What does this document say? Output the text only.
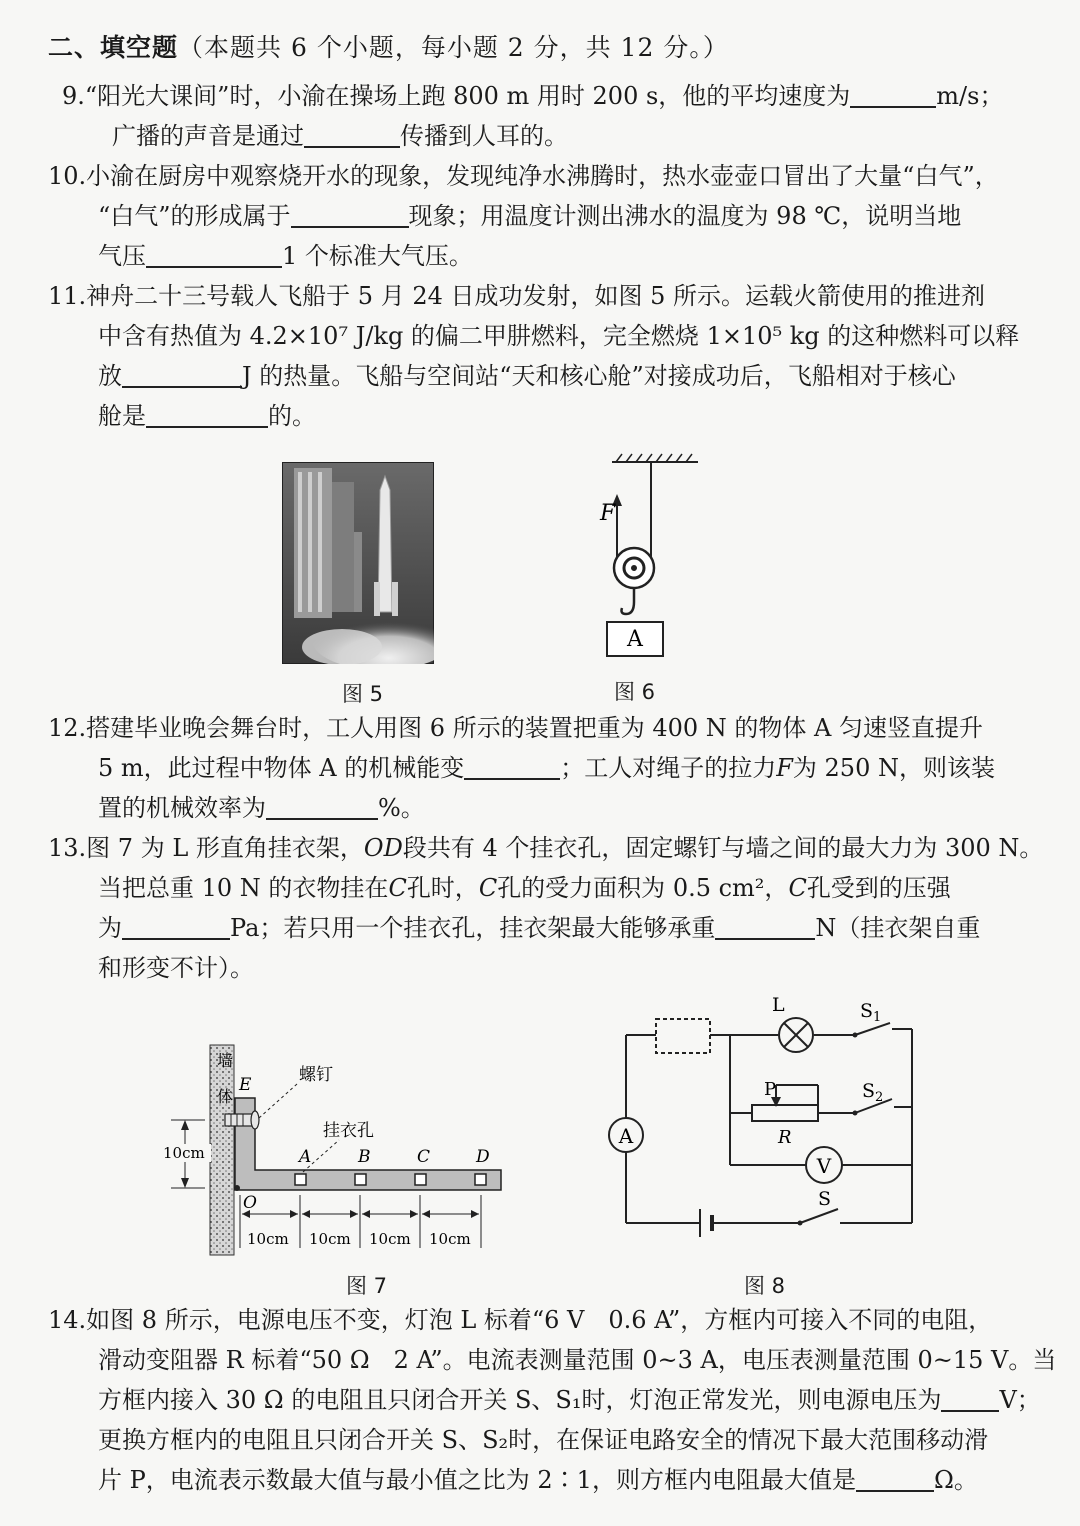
二、填空题（本题共 6 个小题，每小题 2 分，共 12 分。）
9.“阳光大课间”时，小渝在操场上跑 800 m 用时 200 s，他的平均速度为	m/s；
广播的声音是通过	传播到人耳的。
10.小渝在厨房中观察烧开水的现象，发现纯净水沸腾时，热水壶壶口冒出了大量“白气”，
“白气”的形成属于	现象；用温度计测出沸水的温度为 98 ℃，说明当地
气压	1 个标准大气压。
11.神舟二十三号载人飞船于 5 月 24 日成功发射，如图 5 所示。运载火箭使用的推进剂
中含有热值为 4.2×10⁷ J/kg 的偏二甲肼燃料，完全燃烧 1×10⁵ kg 的这种燃料可以释
放	J 的热量。飞船与空间站“天和核心舱”对接成功后，飞船相对于核心
舱是	的。
图 5
F
A
图 6
12.搭建毕业晚会舞台时，工人用图 6 所示的装置把重为 400 N 的物体 A 匀速竖直提升
5 m，此过程中物体 A 的机械能变	；工人对绳子的拉力F为 250 N，则该装
置的机械效率为	%。
13.图 7 为 L 形直角挂衣架，OD段共有 4 个挂衣孔，固定螺钉与墙之间的最大力为 300 N。
当把总重 10 N 的衣物挂在C孔时，C孔的受力面积为 0.5 cm²，C孔受到的压强
为	Pa；若只用一个挂衣孔，挂衣架最大能够承重	N（挂衣架自重
和形变不计）。
墙
体
E
O
螺钉
挂衣孔
A	B	C	D
10cm
10cm 10cm 10cm 10cm
图 7
L	$S_1$
P
R
$S_2$
V
A
S
图 8
14.如图 8 所示，电源电压不变，灯泡 L 标着“6 V　0.6 A”，方框内可接入不同的电阻，
滑动变阻器 R 标着“50 Ω　2 A”。电流表测量范围 0~3 A，电压表测量范围 0~15 V。当
方框内接入 30 Ω 的电阻且只闭合开关 S、S₁时，灯泡正常发光，则电源电压为 V；
更换方框内的电阻且只闭合开关 S、S₂时，在保证电路安全的情况下最大范围移动滑
片 P，电流表示数最大值与最小值之比为 2∶1，则方框内电阻最大值是	Ω。
